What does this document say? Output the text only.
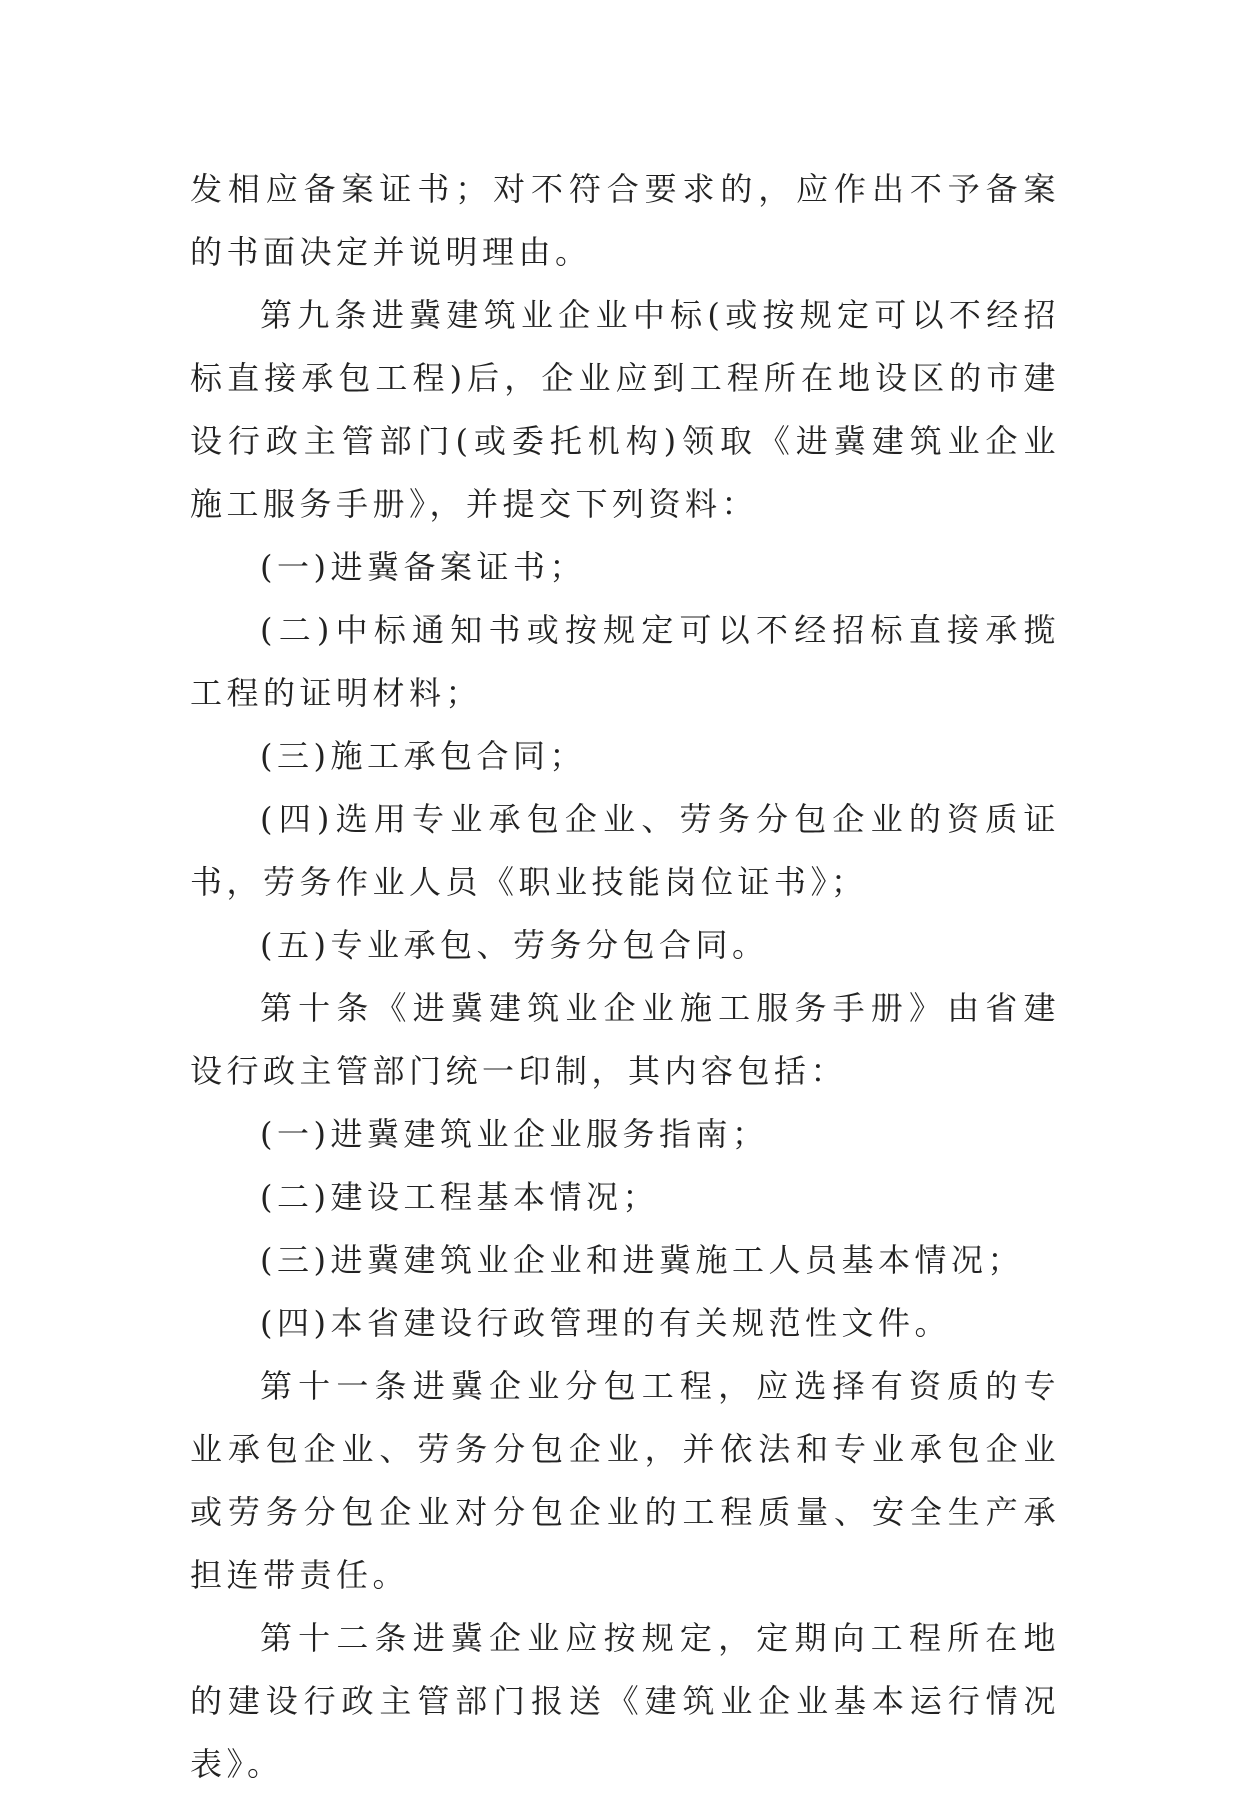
发相应备案证书；对不符合要求的，应作出不予备案的书面决定并说明理由。

第九条进冀建筑业企业中标(或按规定可以不经招标直接承包工程)后，企业应到工程所在地设区的市建设行政主管部门(或委托机构)领取《进冀建筑业企业施工服务手册》，并提交下列资料：

(一)进冀备案证书；

(二)中标通知书或按规定可以不经招标直接承揽工程的证明材料；

(三)施工承包合同；

(四)选用专业承包企业、劳务分包企业的资质证书，劳务作业人员《职业技能岗位证书》；

(五)专业承包、劳务分包合同。

第十条《进冀建筑业企业施工服务手册》由省建设行政主管部门统一印制，其内容包括：

(一)进冀建筑业企业服务指南；

(二)建设工程基本情况；

(三)进冀建筑业企业和进冀施工人员基本情况；

(四)本省建设行政管理的有关规范性文件。

第十一条进冀企业分包工程，应选择有资质的专业承包企业、劳务分包企业，并依法和专业承包企业或劳务分包企业对分包企业的工程质量、安全生产承担连带责任。

第十二条进冀企业应按规定，定期向工程所在地的建设行政主管部门报送《建筑业企业基本运行情况表》。
